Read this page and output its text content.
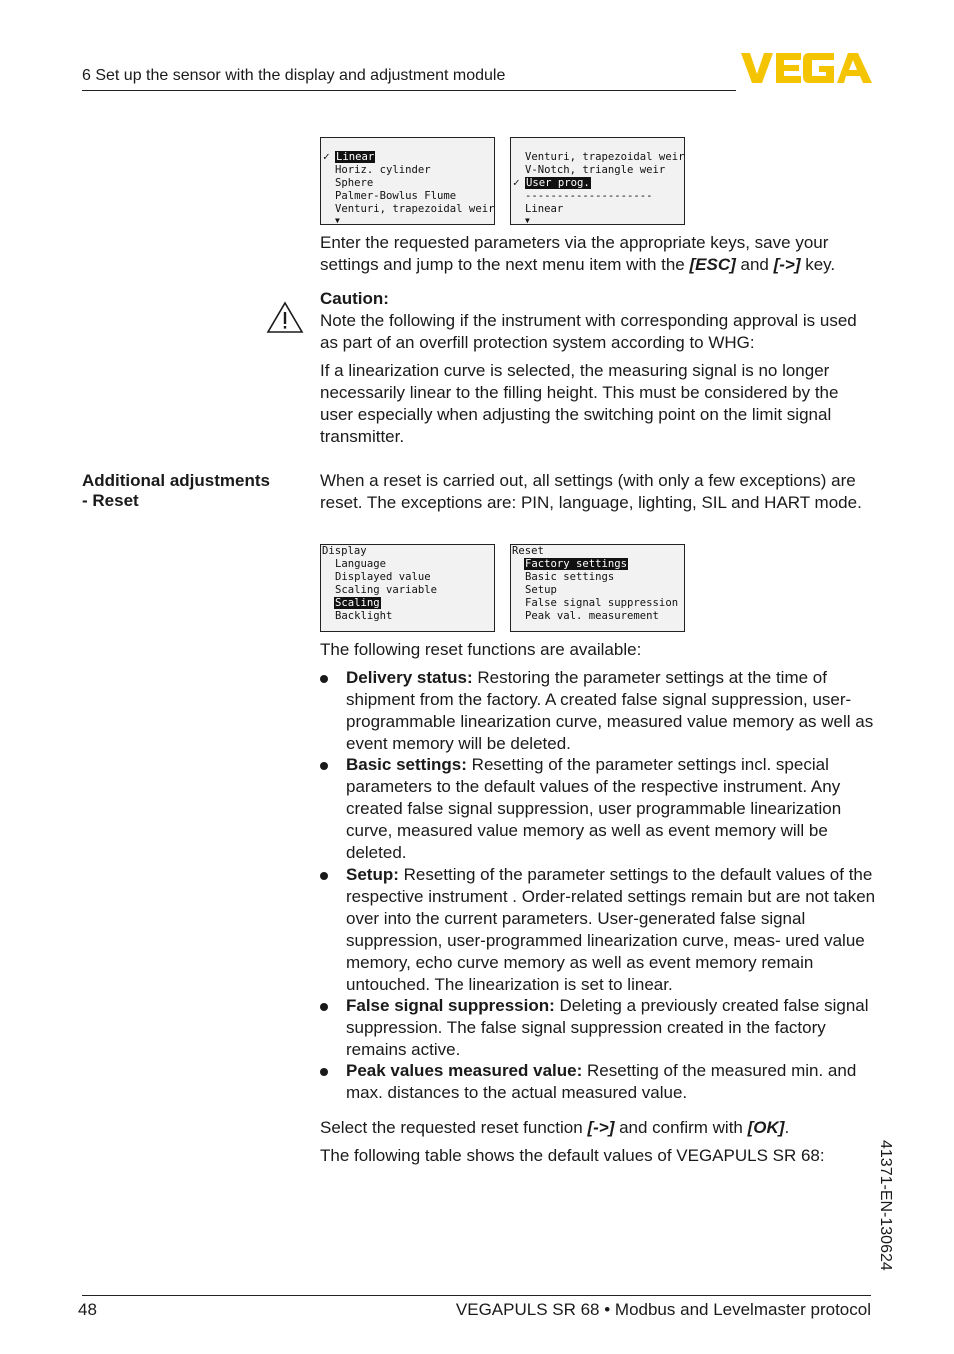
6 Set up the sensor with the display and adjustment module
✓ Linear
Horiz. cylinder
Sphere
Palmer-Bowlus Flume
Venturi, trapezoidal weir
▼
Venturi, trapezoidal weir
V-Notch, triangle weir
✓ User prog.
--------------------
Linear
▼
Enter the requested parameters via the appropriate keys, save your settings and jump to the next menu item with the [ESC] and [->] key.
Caution:
Note the following if the instrument with corresponding approval is used as part of an overfill protection system according to WHG:
If a linearization curve is selected, the measuring signal is no longer necessarily linear to the filling height. This must be considered by the user especially when adjusting the switching point on the limit signal transmitter.
Additional adjustments
- Reset
When a reset is carried out, all settings (with only a few exceptions) are reset. The exceptions are: PIN, language, lighting, SIL and HART mode.
Display
Language
Displayed value
Scaling variable
Scaling
Backlight
Reset
Factory settings
Basic settings
Setup
False signal suppression
Peak val. measurement
The following reset functions are available:
Delivery status: Restoring the parameter settings at the time of shipment from the factory. A created false signal suppression, user-programmable linearization curve, measured value memory as well as event memory will be deleted.
Basic settings: Resetting of the parameter settings incl. special parameters to the default values of the respective instrument. Any created false signal suppression, user programmable linearization curve, measured value memory as well as event memory will be deleted.
Setup: Resetting of the parameter settings to the default values of the respective instrument . Order-related settings remain but are not taken over into the current parameters. User-generated false signal suppression, user-programmed linearization curve, meas- ured value memory, echo curve memory as well as event memory remain untouched. The linearization is set to linear.
False signal suppression: Deleting a previously created false signal suppression. The false signal suppression created in the factory remains active.
Peak values measured value: Resetting of the measured min. and max. distances to the actual measured value.
Select the requested reset function [->] and confirm with [OK].
The following table shows the default values of VEGAPULS SR 68:	41371-EN-130624
48	VEGAPULS SR 68 • Modbus and Levelmaster protocol
